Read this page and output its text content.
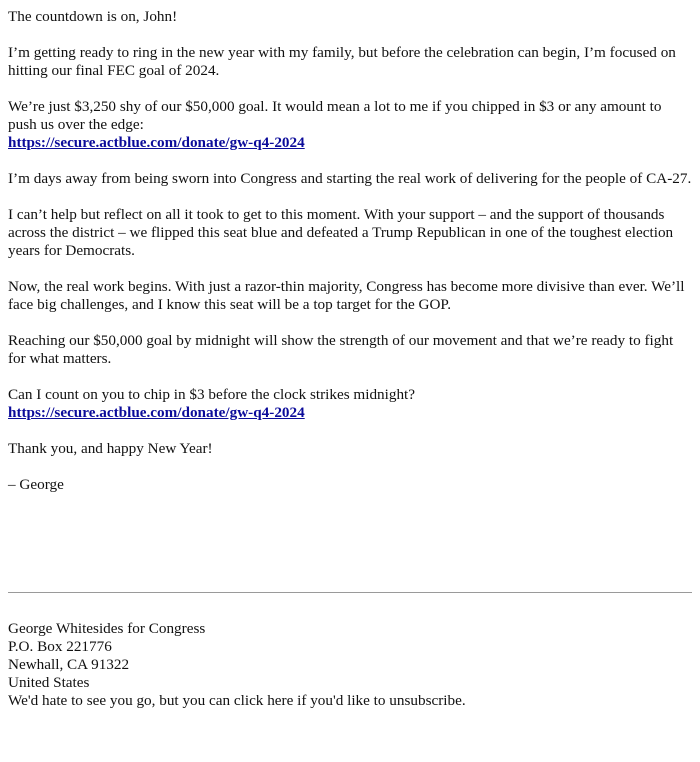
The countdown is on, John!

I’m getting ready to ring in the new year with my family, but before the celebration can begin, I’m focused on hitting our final FEC goal of 2024.

We’re just $3,250 shy of our $50,000 goal. It would mean a lot to me if you chipped in $3 or any amount to push us over the edge:
https://secure.actblue.com/donate/gw-q4-2024

I’m days away from being sworn into Congress and starting the real work of delivering for the people of CA-27.

I can’t help but reflect on all it took to get to this moment. With your support – and the support of thousands across the district – we flipped this seat blue and defeated a Trump Republican in one of the toughest election years for Democrats.

Now, the real work begins. With just a razor-thin majority, Congress has become more divisive than ever. We’ll face big challenges, and I know this seat will be a top target for the GOP.

Reaching our $50,000 goal by midnight will show the strength of our movement and that we’re ready to fight for what matters.

Can I count on you to chip in $3 before the clock strikes midnight?
https://secure.actblue.com/donate/gw-q4-2024

Thank you, and happy New Year!

– George

George Whitesides for Congress
P.O. Box 221776
Newhall, CA 91322
United States
We'd hate to see you go, but you can click here if you'd like to unsubscribe.
